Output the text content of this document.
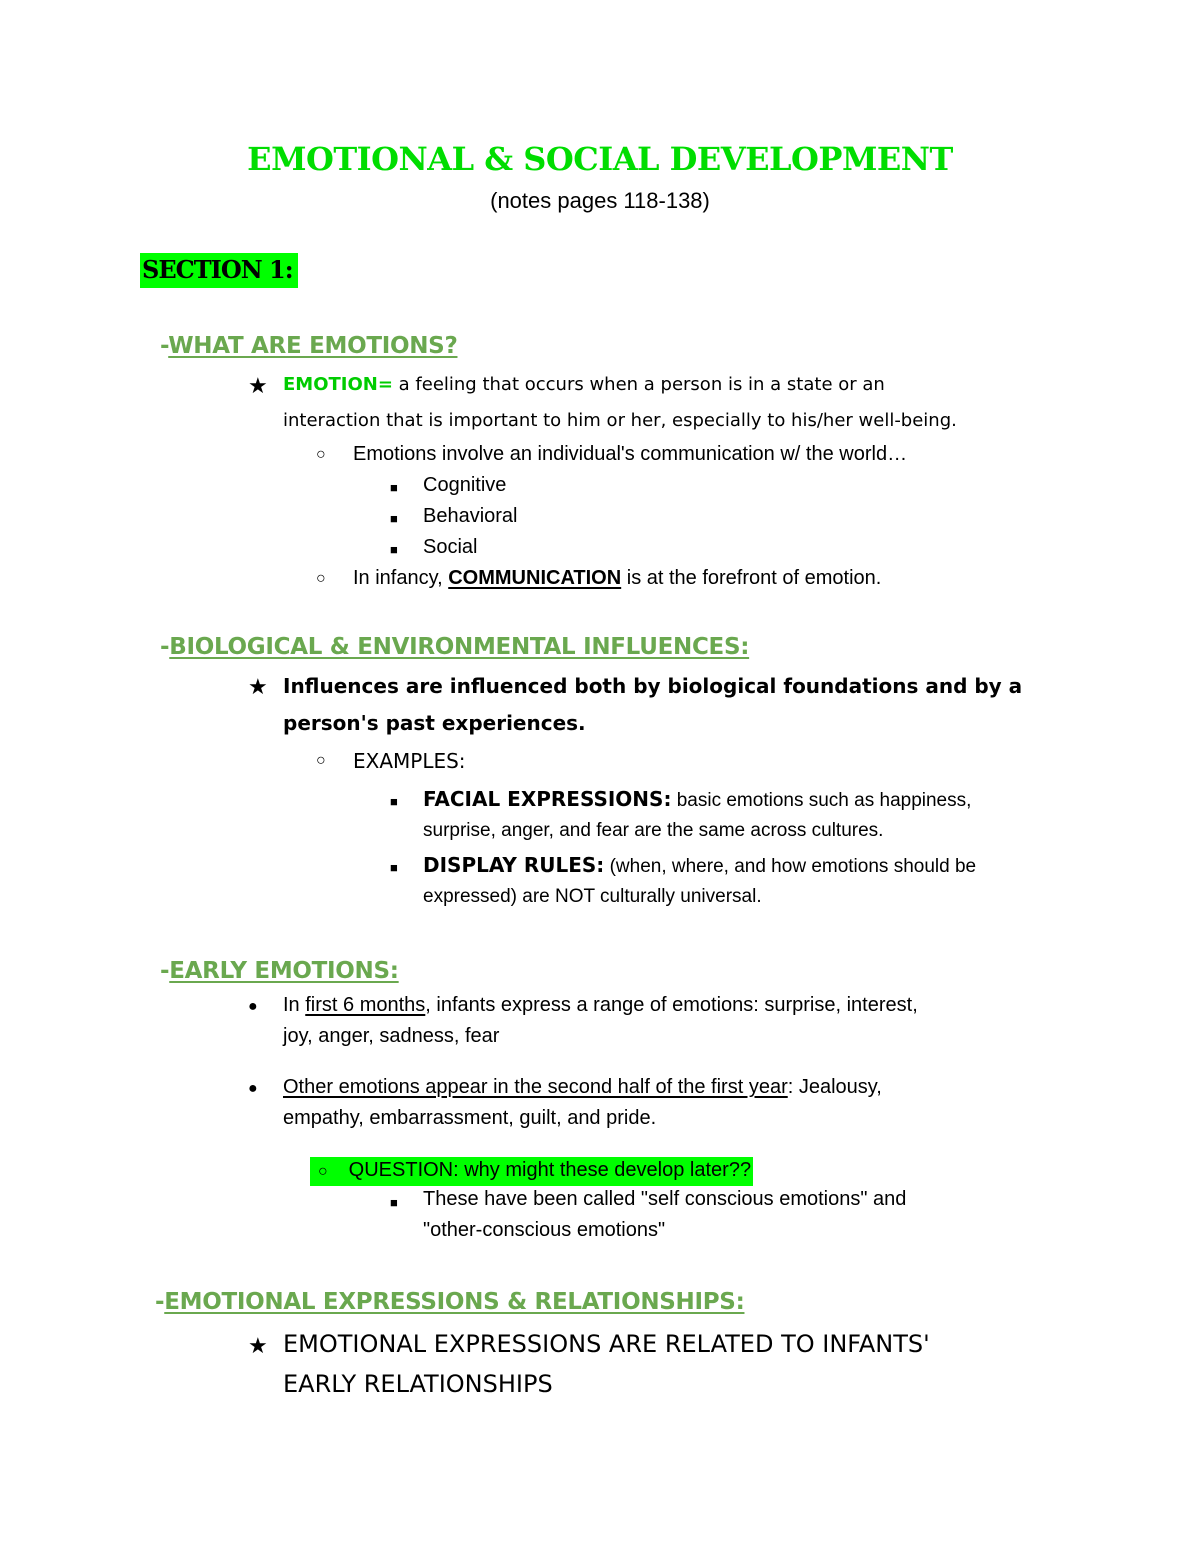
EMOTIONAL & SOCIAL DEVELOPMENT
(notes pages 118-138)
SECTION 1:
-WHAT ARE EMOTIONS?
★ EMOTION= a feeling that occurs when a person is in a state or an
interaction that is important to him or her, especially to his/her well-being.
○ Emotions involve an individual's communication w/ the world…
■ Cognitive
■ Behavioral
■ Social
○ In infancy, COMMUNICATION is at the forefront of emotion.
-BIOLOGICAL & ENVIRONMENTAL INFLUENCES:
★ Influences are influenced both by biological foundations and by a
person's past experiences.
○ EXAMPLES:
■ FACIAL EXPRESSIONS: basic emotions such as happiness,
surprise, anger, and fear are the same across cultures.
■ DISPLAY RULES: (when, where, and how emotions should be
expressed) are NOT culturally universal.
-EARLY EMOTIONS:
● In first 6 months, infants express a range of emotions: surprise, interest,
joy, anger, sadness, fear
● Other emotions appear in the second half of the first year: Jealousy,
empathy, embarrassment, guilt, and pride.
○ QUESTION: why might these develop later??
■ These have been called "self conscious emotions" and
"other-conscious emotions"
-EMOTIONAL EXPRESSIONS & RELATIONSHIPS:
★ EMOTIONAL EXPRESSIONS ARE RELATED TO INFANTS'
EARLY RELATIONSHIPS
